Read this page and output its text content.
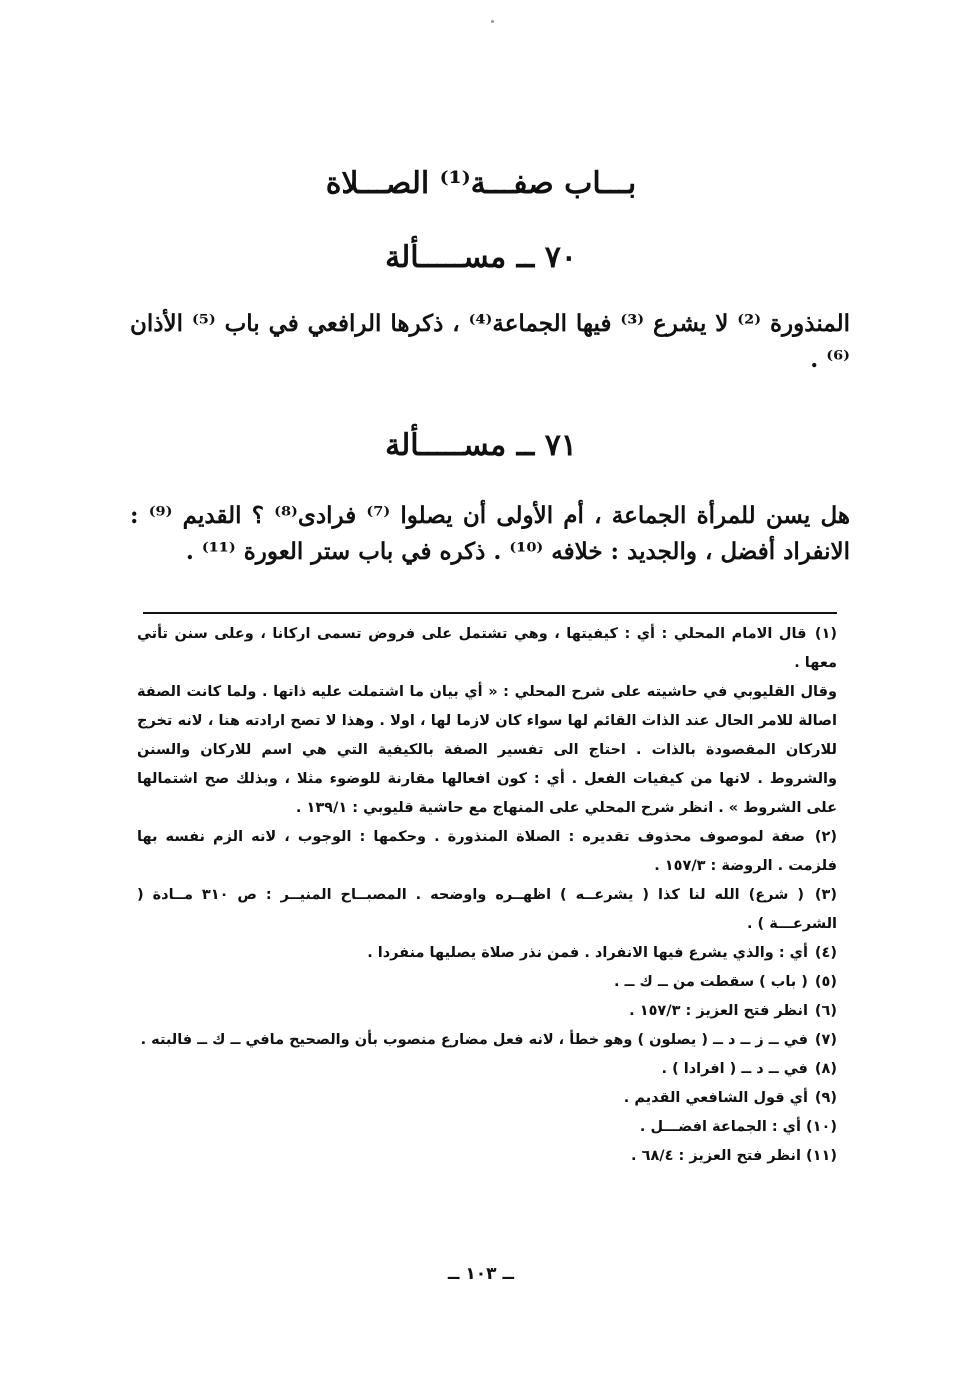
بـــاب صفـــة⁽¹⁾ الصـــلاة
٧٠ ــ مســـــألة
المنذورة ⁽²⁾ لا يشرع ⁽³⁾ فيها الجماعة⁽⁴⁾ ، ذكرها الرافعي في باب ⁽⁵⁾ الأذان ⁽⁶⁾ .
٧١ ــ مســـــألة
هل يسن للمرأة الجماعة ، أم الأولى أن يصلوا ⁽⁷⁾ فرادى⁽⁸⁾ ؟ القديم ⁽⁹⁾ : الانفراد أفضل ، والجديد : خلافه ⁽¹⁰⁾ . ذكره في باب ستر العورة ⁽¹¹⁾ .

(١) قال الامام المحلي : أي : كيفيتها ، وهي تشتمل على فروض تسمى اركانا ، وعلى سنن تأتي معها .

وقال القليوبي في حاشيته على شرح المحلي : « أي بيان ما اشتملت عليه ذاتها . ولما كانت الصفة اصالة للامر الحال عند الذات القائم لها سواء كان لازما لها ، اولا . وهذا لا تصح ارادته هنا ، لانه تخرج للاركان المقصودة بالذات . احتاج الى تفسير الصفة بالكيفية التي هي اسم للاركان والسنن والشروط . لانها من كيفيات الفعل . أي : كون افعالها مقارنة للوضوء مثلا ، وبذلك صح اشتمالها على الشروط » . انظر شرح المحلي على المنهاج مع حاشية قليوبي : ١٣٩/١ .

(٢) صفة لموصوف محذوف تقديره : الصلاة المنذورة . وحكمها : الوجوب ، لانه الزم نفسه بها فلزمت . الروضة : ١٥٧/٣ .

(٣) ( شرع) الله لنا كذا ( يشرعــه ) اظهــره واوضحه . المصبــاح المنيــر : ص ٣١٠ مــادة ( الشرعـــة ) .

(٤) أي : والذي يشرع فيها الانفراد . فمن نذر صلاة يصليها منفردا .

(٥) ( باب ) سقطت من ــ ك ــ .

(٦) انظر فتح العزيز : ١٥٧/٣ .

(٧) في ــ ز ــ د ــ ( يصلون ) وهو خطأ ، لانه فعل مضارع منصوب بأن والصحيح مافي ــ ك ــ فالبته .

(٨) في ــ د ــ ( افرادا ) .

(٩) أي قول الشافعي القديم .

(١٠) أي : الجماعة افضـــل .

(١١) انظر فتح العزيز : ٦٨/٤ .

ــ ١٠٣ ــ
